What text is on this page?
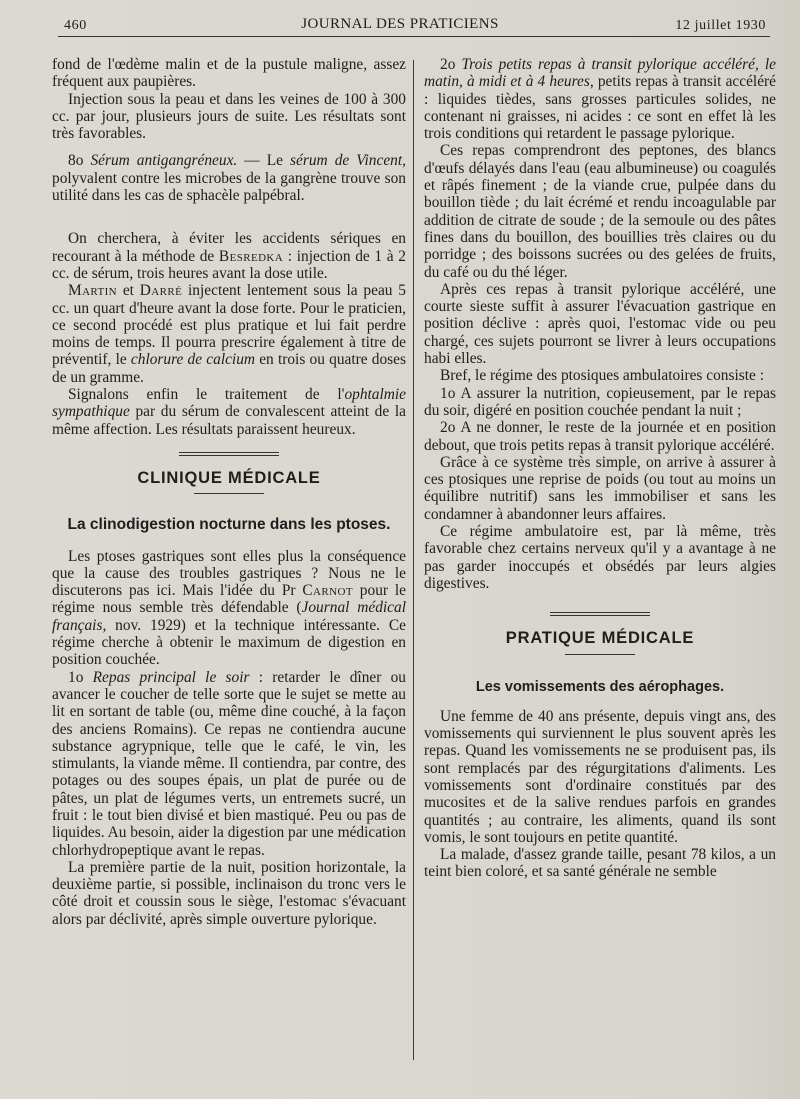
460	JOURNAL DES PRATICIENS	12 juillet 1930

fond de l'œdème malin et de la pustule maligne, assez fréquent aux paupières.

Injection sous la peau et dans les veines de 100 à 300 cc. par jour, plusieurs jours de suite. Les résultats sont très favorables.

8o Sérum antigangréneux. — Le sérum de Vincent, polyvalent contre les microbes de la gangrène trouve son utilité dans les cas de sphacèle palpébral.

On cherchera, à éviter les accidents sériques en recourant à la méthode de Besredka : injection de 1 à 2 cc. de sérum, trois heures avant la dose utile.

Martin et Darré injectent lentement sous la peau 5 cc. un quart d'heure avant la dose forte. Pour le praticien, ce second procédé est plus pratique et lui fait perdre moins de temps. Il pourra prescrire également à titre de préventif, le chlorure de calcium en trois ou quatre doses de un gramme.

Signalons enfin le traitement de l'ophtalmie sympathique par du sérum de convalescent atteint de la même affection. Les résultats paraissent heureux.

CLINIQUE MÉDICALE
La clinodigestion nocturne dans les ptoses.

Les ptoses gastriques sont elles plus la conséquence que la cause des troubles gastriques ? Nous ne le discuterons pas ici. Mais l'idée du Pr Carnot pour le régime nous semble très défendable (Journal médical français, nov. 1929) et la technique intéressante. Ce régime cherche à obtenir le maximum de digestion en position couchée.

1o Repas principal le soir : retarder le dîner ou avancer le coucher de telle sorte que le sujet se mette au lit en sortant de table (ou, même dine couché, à la façon des anciens Romains). Ce repas ne contiendra aucune substance agrypnique, telle que le café, le vin, les stimulants, la viande même. Il contiendra, par contre, des potages ou des soupes épais, un plat de purée ou de pâtes, un plat de légumes verts, un entremets sucré, un fruit : le tout bien divisé et bien mastiqué. Peu ou pas de liquides. Au besoin, aider la digestion par une médication chlorhydropeptique avant le repas.

La première partie de la nuit, position horizontale, la deuxième partie, si possible, inclinaison du tronc vers le côté droit et coussin sous le siège, l'estomac s'évacuant alors par déclivité, après simple ouverture pylorique.

2o Trois petits repas à transit pylorique accéléré, le matin, à midi et à 4 heures, petits repas à transit accéléré : liquides tièdes, sans grosses particules solides, ne contenant ni graisses, ni acides : ce sont en effet là les trois conditions qui retardent le passage pylorique.

Ces repas comprendront des peptones, des blancs d'œufs délayés dans l'eau (eau albumineuse) ou coagulés et râpés finement ; de la viande crue, pulpée dans du bouillon tiède ; du lait écrémé et rendu incoagulable par addition de citrate de soude ; de la semoule ou des pâtes fines dans du bouillon, des bouillies très claires ou du porridge ; des boissons sucrées ou des gelées de fruits, du café ou du thé léger.

Après ces repas à transit pylorique accéléré, une courte sieste suffit à assurer l'évacuation gastrique en position déclive : après quoi, l'estomac vide ou peu chargé, ces sujets pourront se livrer à leurs occupations habi elles.

Bref, le régime des ptosiques ambulatoires consiste :

1o A assurer la nutrition, copieusement, par le repas du soir, digéré en position couchée pendant la nuit ;

2o A ne donner, le reste de la journée et en position debout, que trois petits repas à transit pylorique accéléré.

Grâce à ce système très simple, on arrive à assurer à ces ptosiques une reprise de poids (ou tout au moins un équilibre nutritif) sans les immobiliser et sans les condamner à abandonner leurs affaires.

Ce régime ambulatoire est, par là même, très favorable chez certains nerveux qu'il y a avantage à ne pas garder inoccupés et obsédés par leurs algies digestives.

PRATIQUE MÉDICALE
Les vomissements des aérophages.

Une femme de 40 ans présente, depuis vingt ans, des vomissements qui surviennent le plus souvent après les repas. Quand les vomissements ne se produisent pas, ils sont remplacés par des régurgitations d'aliments. Les vomissements sont d'ordinaire constitués par des mucosites et de la salive rendues parfois en grandes quantités ; au contraire, les aliments, quand ils sont vomis, le sont toujours en petite quantité.

La malade, d'assez grande taille, pesant 78 kilos, a un teint bien coloré, et sa santé générale ne semble
